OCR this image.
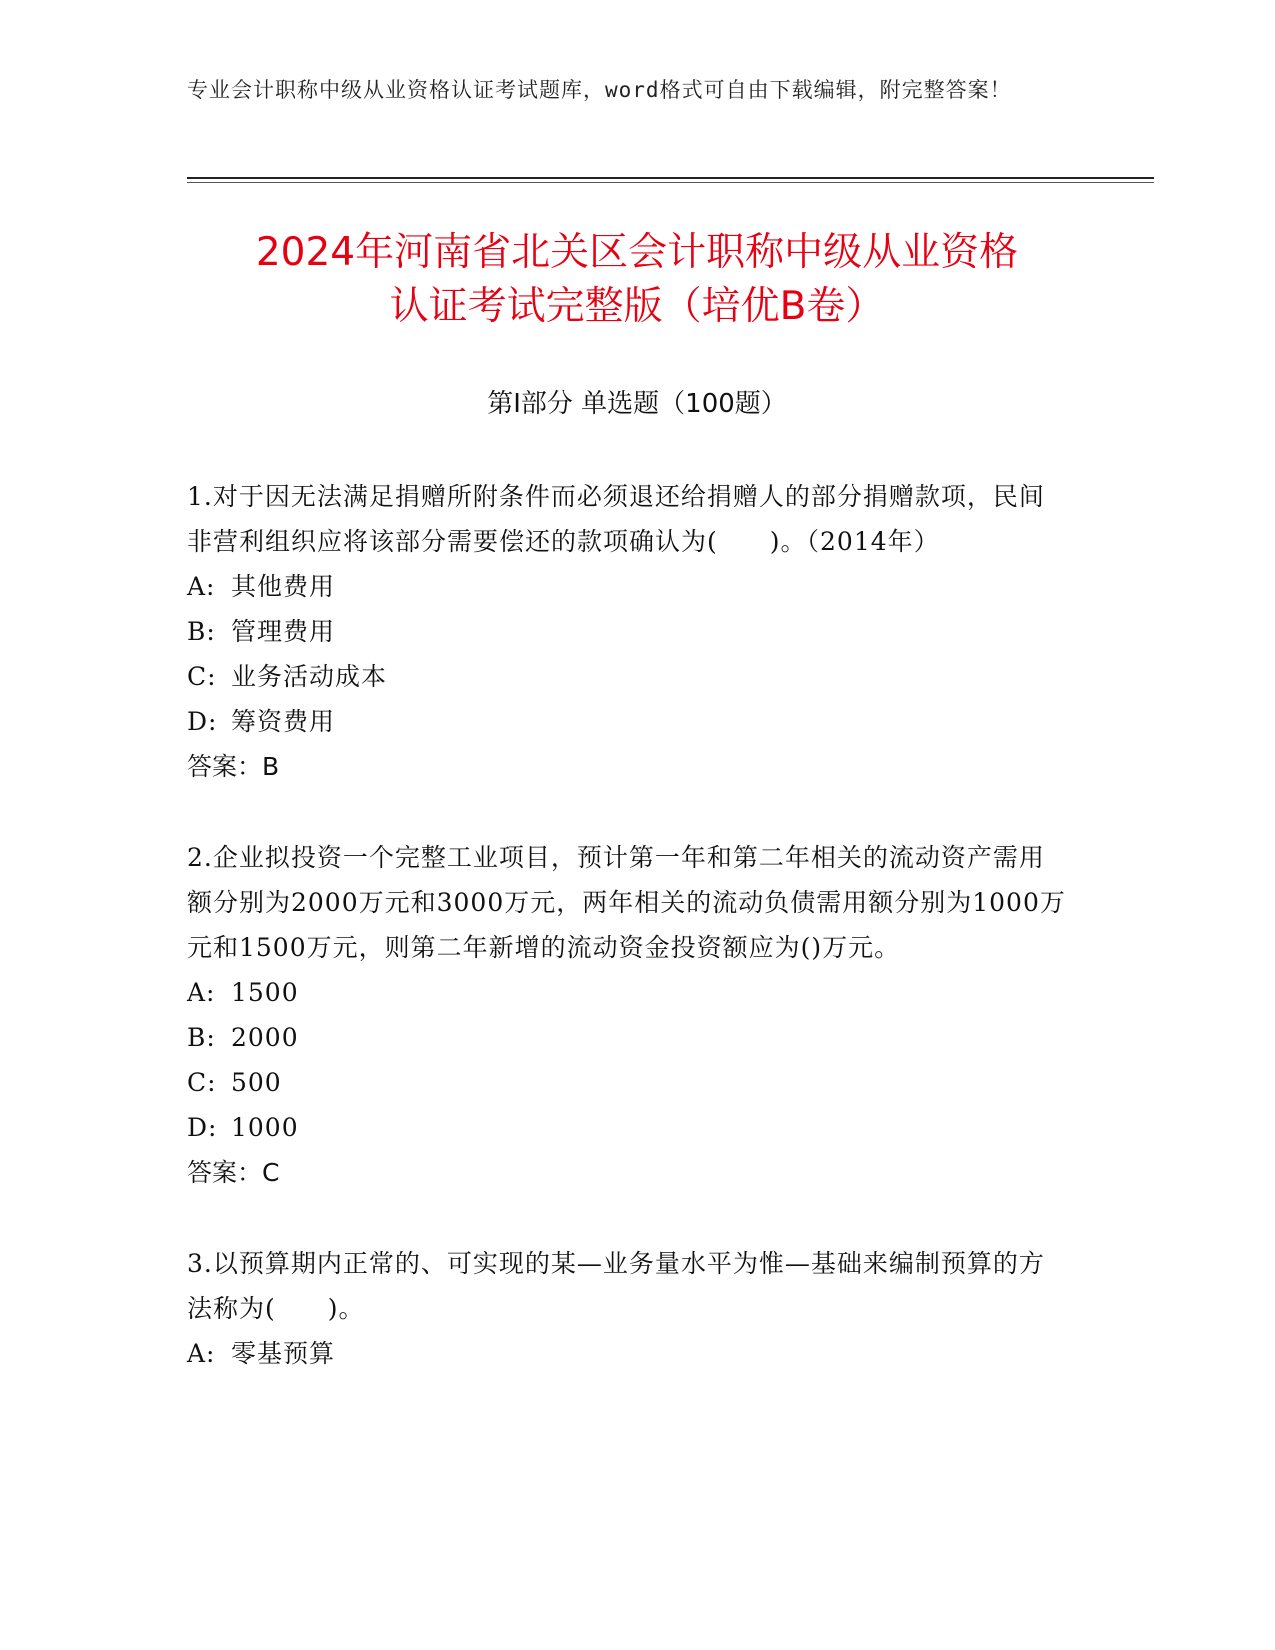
专业会计职称中级从业资格认证考试题库，word格式可自由下载编辑，附完整答案！
2024年河南省北关区会计职称中级从业资格
认证考试完整版（培优B卷）
第I部分 单选题（100题）
1.对于因无法满足捐赠所附条件而必须退还给捐赠人的部分捐赠款项，民间非营利组织应将该部分需要偿还的款项确认为(　　)。（2014年）
A: 其他费用
B: 管理费用
C: 业务活动成本
D: 筹资费用
答案：B
2.企业拟投资一个完整工业项目，预计第一年和第二年相关的流动资产需用额分别为2000万元和3000万元，两年相关的流动负债需用额分别为1000万元和1500万元，则第二年新增的流动资金投资额应为()万元。
A: 1500
B: 2000
C: 500
D: 1000
答案：C
3.以预算期内正常的、可实现的某—业务量水平为惟—基础来编制预算的方法称为(　　)。
A: 零基预算
